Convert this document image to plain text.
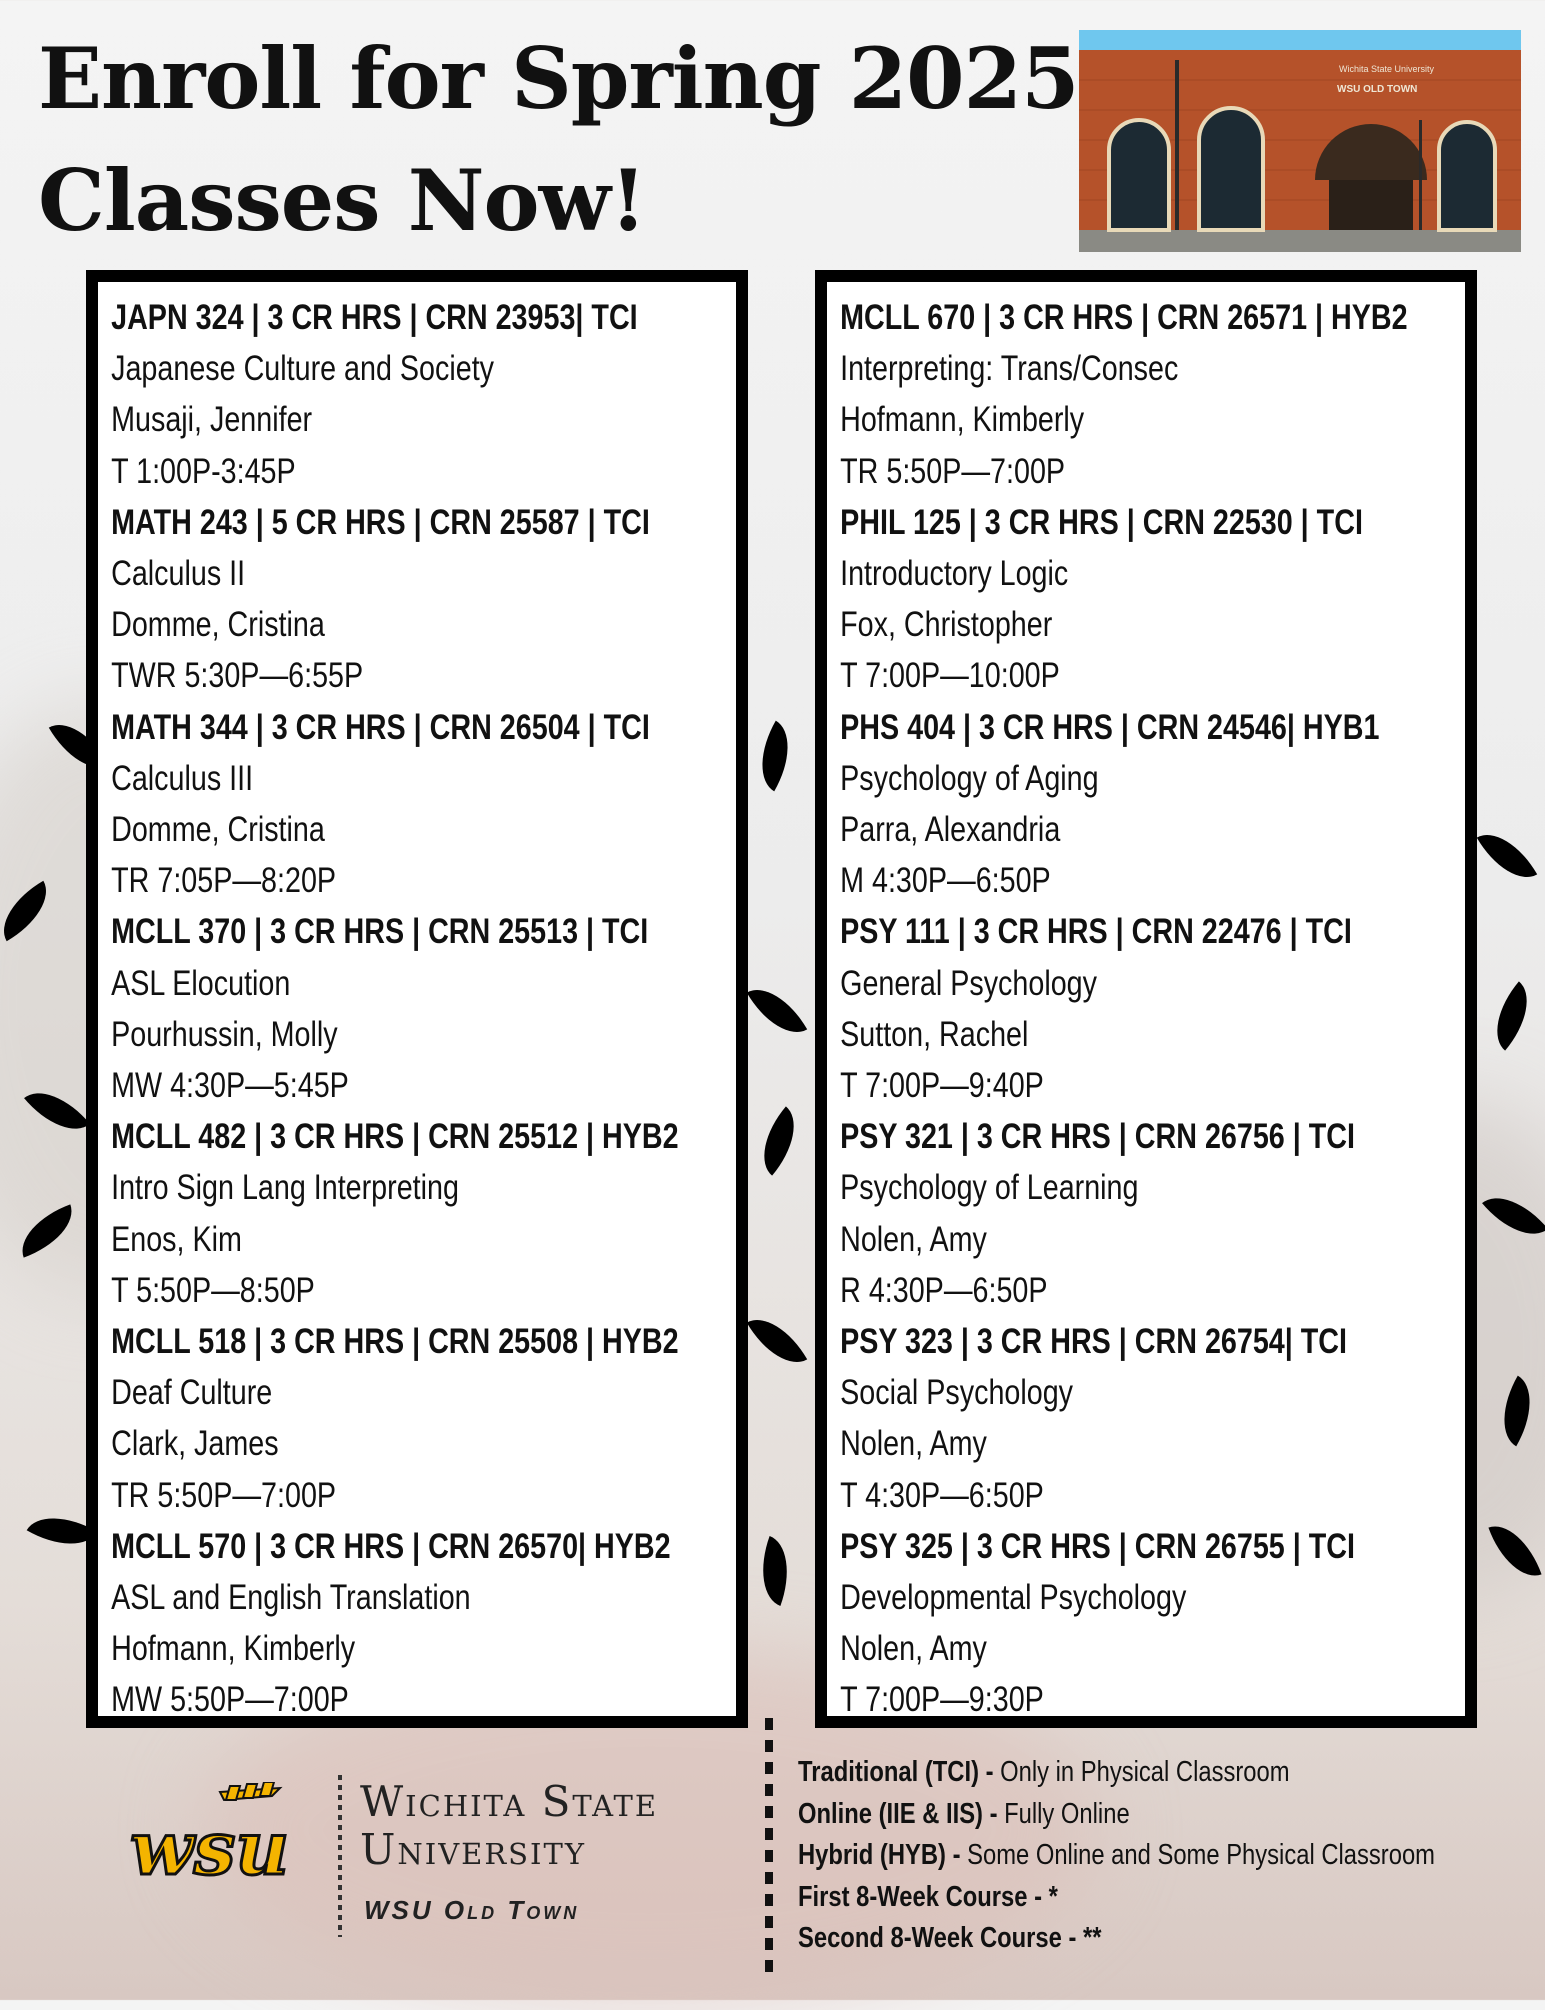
Enroll for Spring 2025
Classes Now!
Wichita State University
WSU OLD TOWN
JAPN 324 | 3 CR HRS | CRN 23953| TCI
Japanese Culture and Society
Musaji, Jennifer
T 1:00P-3:45P
MATH 243 | 5 CR HRS | CRN 25587 | TCI
Calculus II
Domme, Cristina
TWR 5:30P—6:55P
MATH 344 | 3 CR HRS | CRN 26504 | TCI
Calculus III
Domme, Cristina
TR 7:05P—8:20P
MCLL 370 | 3 CR HRS | CRN 25513 | TCI
ASL Elocution
Pourhussin, Molly
MW 4:30P—5:45P
MCLL 482 | 3 CR HRS | CRN 25512 | HYB2
Intro Sign Lang Interpreting
Enos, Kim
T 5:50P—8:50P
MCLL 518 | 3 CR HRS | CRN 25508 | HYB2
Deaf Culture
Clark, James
TR 5:50P—7:00P
MCLL 570 | 3 CR HRS | CRN 26570| HYB2
ASL and English Translation
Hofmann, Kimberly
MW 5:50P—7:00P
MCLL 670 | 3 CR HRS | CRN 26571 | HYB2
Interpreting: Trans/Consec
Hofmann, Kimberly
TR 5:50P—7:00P
PHIL 125 | 3 CR HRS | CRN 22530 | TCI
Introductory Logic
Fox, Christopher
T 7:00P—10:00P
PHS 404 | 3 CR HRS | CRN 24546| HYB1
Psychology of Aging
Parra, Alexandria
M 4:30P—6:50P
PSY 111 | 3 CR HRS | CRN 22476 | TCI
General Psychology
Sutton, Rachel
T 7:00P—9:40P
PSY 321 | 3 CR HRS | CRN 26756 | TCI
Psychology of Learning
Nolen, Amy
R 4:30P—6:50P
PSY 323 | 3 CR HRS | CRN 26754| TCI
Social Psychology
Nolen, Amy
T 4:30P—6:50P
PSY 325 | 3 CR HRS | CRN 26755 | TCI
Developmental Psychology
Nolen, Amy
T 7:00P—9:30P
Traditional (TCI) - Only in Physical Classroom
Online (IIE & IIS) - Fully Online
Hybrid (HYB) - Some Online and Some Physical Classroom
First 8-Week Course - *
Second 8-Week Course - **
wsu
Wichita State
University
WSU Old Town
